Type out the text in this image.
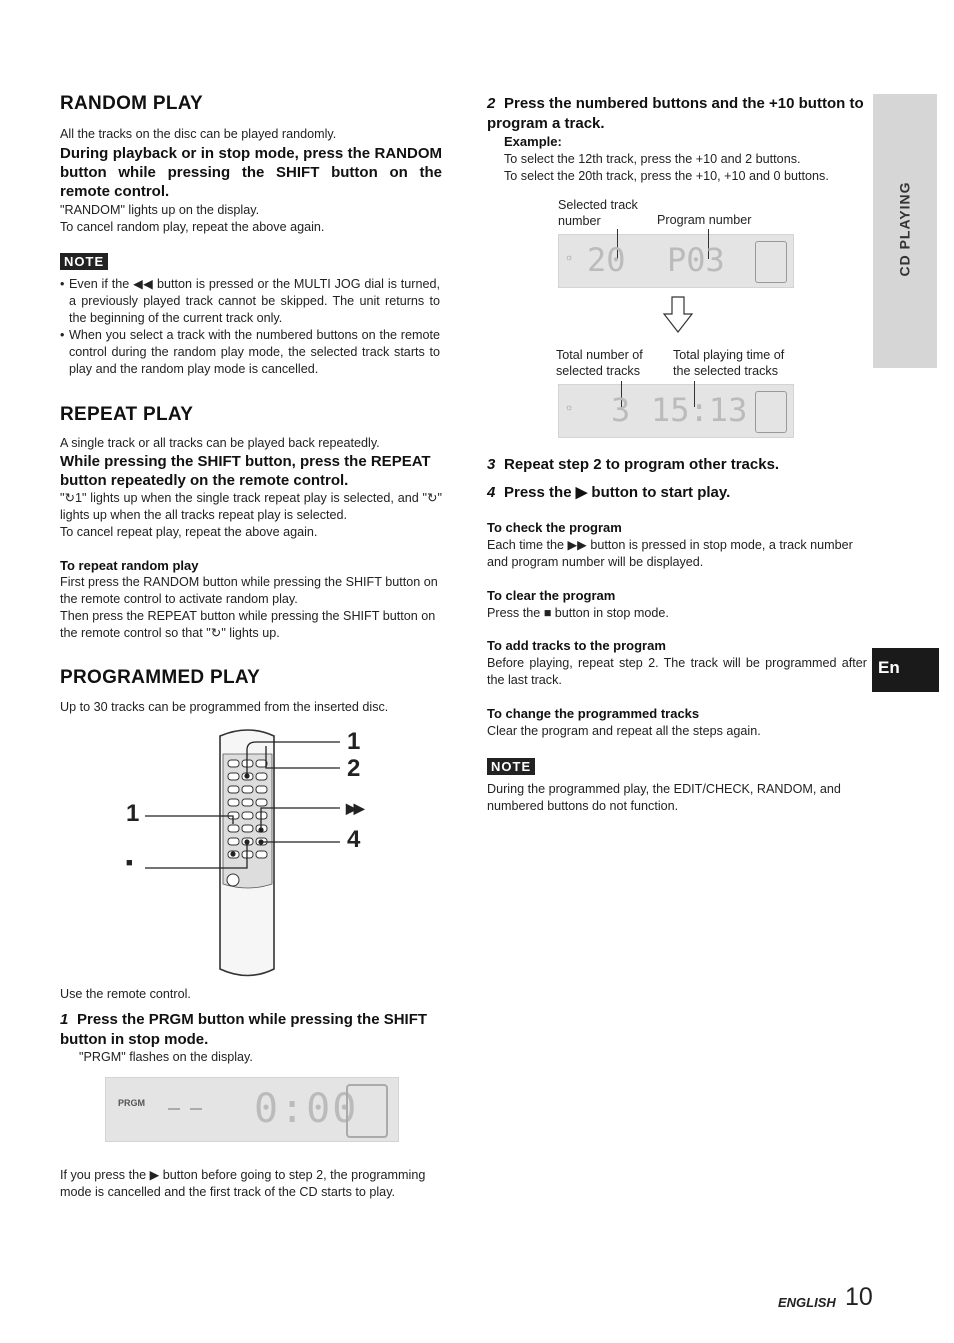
RANDOM PLAY
All the tracks on the disc can be played randomly.
During playback or in stop mode, press the RANDOM button while pressing the SHIFT button on the remote control.
"RANDOM" lights up on the display.
To cancel random play, repeat the above again.
NOTE
• Even if the ◀◀ button is pressed or the MULTI JOG dial is turned, a previously played track cannot be skipped. The unit returns to the beginning of the current track only.
• When you select a track with the numbered buttons on the remote control during the random play mode, the selected track starts to play and the random play mode is cancelled.
REPEAT PLAY
A single track or all tracks can be played back repeatedly.
While pressing the SHIFT button, press the REPEAT button repeatedly on the remote control.
"↻1" lights up when the single track repeat play is selected, and "↻" lights up when the all tracks repeat play is selected.
To cancel repeat play, repeat the above again.
To repeat random play
First press the RANDOM button while pressing the SHIFT button on the remote control to activate random play.
Then press the REPEAT button while pressing the SHIFT button on the remote control so that "↻" lights up.
PROGRAMMED PLAY
Up to 30 tracks can be programmed from the inserted disc.
1
2
▶▶
4
1
■
Use the remote control.
1 Press the PRGM button while pressing the SHIFT button in stop mode.
"PRGM" flashes on the display.
PRGM	0:00
If you press the ▶ button before going to step 2, the programming mode is cancelled and the first track of the CD starts to play.
2 Press the numbered buttons and the +10 button to program a track.
Example:
To select the 12th track, press the +10 and 2 buttons.
To select the 20th track, press the +10, +10 and 0 buttons.
Selected track number	Program number
☼ 20 P03
Total number of selected tracks
Total playing time of the selected tracks
☼ 3 15:13
3 Repeat step 2 to program other tracks.
4 Press the ▶ button to start play.
To check the program
Each time the ▶▶ button is pressed in stop mode, a track number and program number will be displayed.
To clear the program
Press the ■ button in stop mode.
To add tracks to the program
Before playing, repeat step 2. The track will be programmed after the last track.
To change the programmed tracks
Clear the program and repeat all the steps again.
NOTE
During the programmed play, the EDIT/CHECK, RANDOM, and numbered buttons do not function.
CD PLAYING
En
ENGLISH 10
